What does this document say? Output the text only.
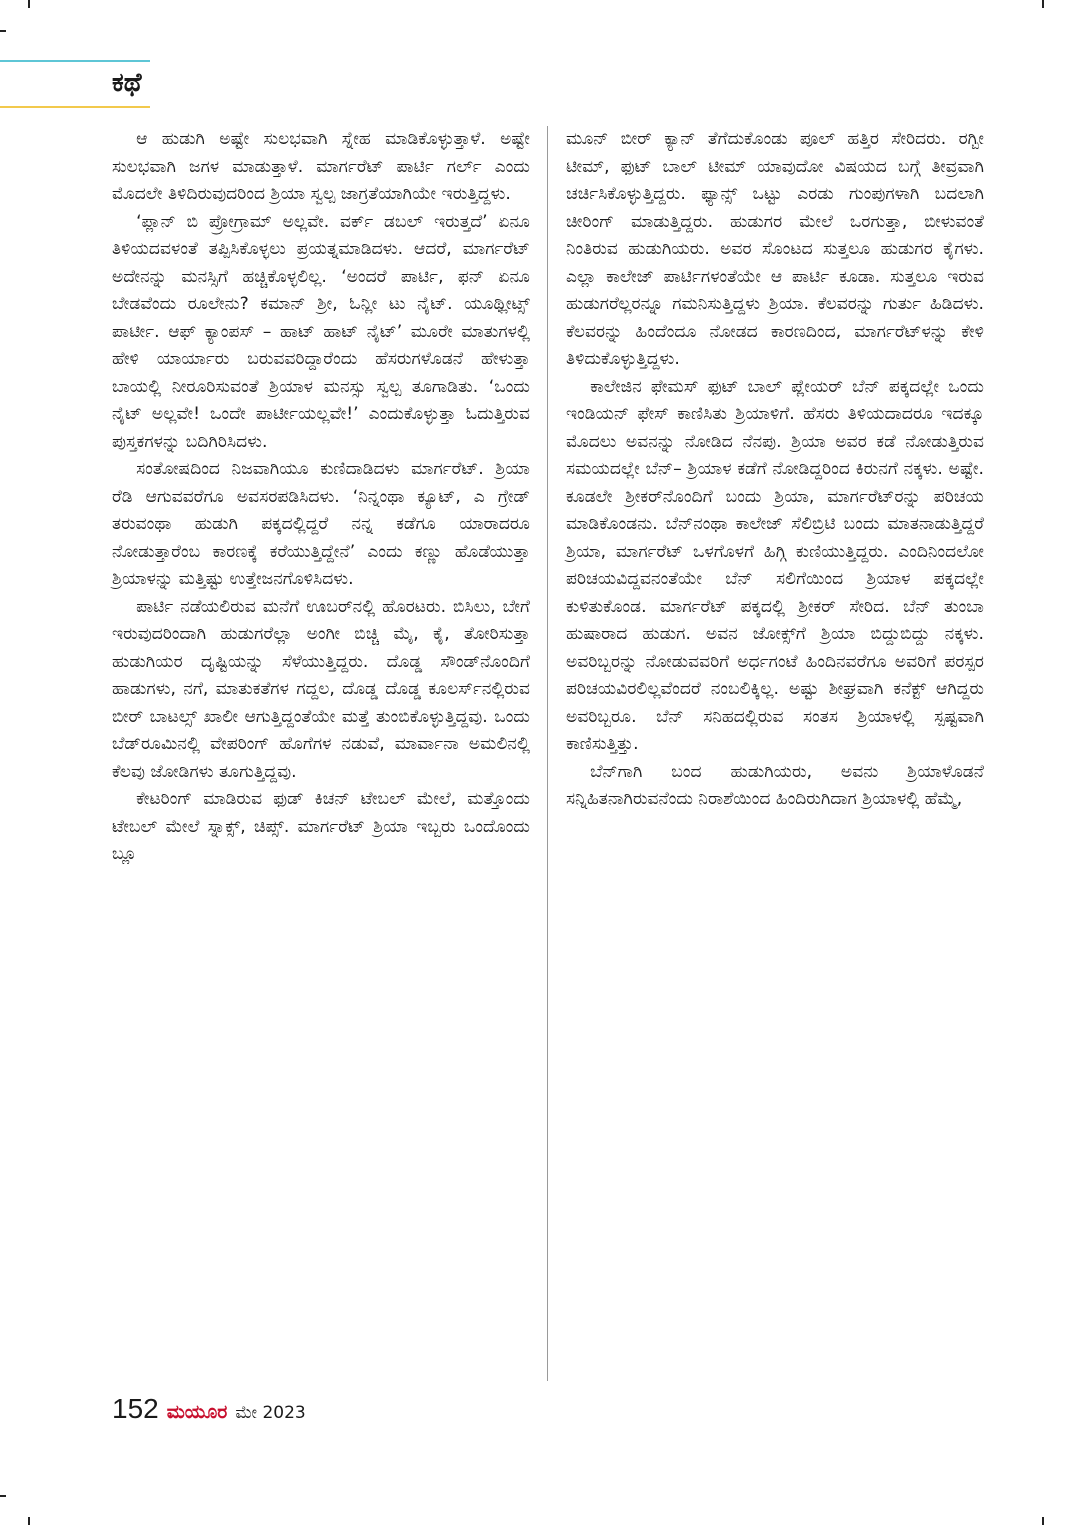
ಕಥೆ

ಆ ಹುಡುಗಿ ಅಷ್ಟೇ ಸುಲಭವಾಗಿ ಸ್ನೇಹ ಮಾಡಿಕೊಳ್ಳುತ್ತಾಳೆ. ಅಷ್ಟೇ ಸುಲಭವಾಗಿ ಜಗಳ ಮಾಡುತ್ತಾಳೆ. ಮಾರ್ಗರೆಟ್ ಪಾರ್ಟಿ ಗರ್ಲ್ ಎಂದು ಮೊದಲೇ ತಿಳಿದಿರುವುದರಿಂದ ಶ್ರಿಯಾ ಸ್ವಲ್ಪ ಜಾಗ್ರತೆಯಾಗಿಯೇ ಇರುತ್ತಿದ್ದಳು.

‘ಪ್ಲಾನ್ ಬಿ ಪ್ರೋಗ್ರಾಮ್ ಅಲ್ಲವೇ. ವರ್ಕ್ ಡಬಲ್ ಇರುತ್ತದೆ’ ಏನೂ ತಿಳಿಯದವಳಂತೆ ತಪ್ಪಿಸಿಕೊಳ್ಳಲು ಪ್ರಯತ್ನಮಾಡಿದಳು. ಆದರೆ, ಮಾರ್ಗರೆಟ್ ಅದೇನನ್ನು ಮನಸ್ಸಿಗೆ ಹಚ್ಚಿಕೊಳ್ಳಲಿಲ್ಲ. ‘ಅಂದರೆ ಪಾರ್ಟಿ, ಫನ್ ಏನೂ ಬೇಡವೆಂದು ರೂಲೇನು? ಕಮಾನ್ ಶ್ರೀ, ಓನ್ಲೀ ಟು ನೈಟ್. ಯೂಥ್ಲೀಟ್ಸ್ ಪಾರ್ಟೀ. ಆಫ್ ಕ್ಯಾಂಪಸ್ – ಹಾಟ್ ಹಾಟ್ ನೈಟ್’ ಮೂರೇ ಮಾತುಗಳಲ್ಲಿ ಹೇಳಿ ಯಾರ್ಯಾರು ಬರುವವರಿದ್ದಾರೆಂದು ಹೆಸರುಗಳೊಡನೆ ಹೇಳುತ್ತಾ ಬಾಯಲ್ಲಿ ನೀರೂರಿಸುವಂತೆ ಶ್ರಿಯಾಳ ಮನಸ್ಸು ಸ್ವಲ್ಪ ತೂಗಾಡಿತು. ‘ಒಂದು ನೈಟ್ ಅಲ್ಲವೇ! ಒಂದೇ ಪಾರ್ಟೀಯಲ್ಲವೇ!’ ಎಂದುಕೊಳ್ಳುತ್ತಾ ಓದುತ್ತಿರುವ ಪುಸ್ತಕಗಳನ್ನು ಬದಿಗಿರಿಸಿದಳು.

ಸಂತೋಷದಿಂದ ನಿಜವಾಗಿಯೂ ಕುಣಿದಾಡಿದಳು ಮಾರ್ಗರೆಟ್. ಶ್ರಿಯಾ ರೆಡಿ ಆಗುವವರೆಗೂ ಅವಸರಪಡಿಸಿದಳು. ‘ನಿನ್ನಂಥಾ ಕ್ಯೂಟ್, ಎ ಗ್ರೇಡ್ ತರುವಂಥಾ ಹುಡುಗಿ ಪಕ್ಕದಲ್ಲಿದ್ದರೆ ನನ್ನ ಕಡೆಗೂ ಯಾರಾದರೂ ನೋಡುತ್ತಾರೆಂಬ ಕಾರಣಕ್ಕೆ ಕರೆಯುತ್ತಿದ್ದೇನೆ’ ಎಂದು ಕಣ್ಣು ಹೊಡೆಯುತ್ತಾ ಶ್ರಿಯಾಳನ್ನು ಮತ್ತಿಷ್ಟು ಉತ್ತೇಜನಗೊಳಿಸಿದಳು.

ಪಾರ್ಟಿ ನಡೆಯಲಿರುವ ಮನೆಗೆ ಊಬರ್‌ನಲ್ಲಿ ಹೊರಟರು. ಬಿಸಿಲು, ಬೇಗೆ ಇರುವುದರಿಂದಾಗಿ ಹುಡುಗರೆಲ್ಲಾ ಅಂಗೀ ಬಿಚ್ಚಿ ಮೈ, ಕೈ, ತೋರಿಸುತ್ತಾ ಹುಡುಗಿಯರ ದೃಷ್ಟಿಯನ್ನು ಸೆಳೆಯುತ್ತಿದ್ದರು. ದೊಡ್ಡ ಸೌಂಡ್‌ನೊಂದಿಗೆ ಹಾಡುಗಳು, ನಗೆ, ಮಾತುಕತೆಗಳ ಗದ್ದಲ, ದೊಡ್ಡ ದೊಡ್ಡ ಕೂಲರ್ಸ್‌ನಲ್ಲಿರುವ ಬೀರ್ ಬಾಟಲ್ಸ್ ಖಾಲೀ ಆಗುತ್ತಿದ್ದಂತೆಯೇ ಮತ್ತೆ ತುಂಬಿಕೊಳ್ಳುತ್ತಿದ್ದವು. ಒಂದು ಬೆಡ್‌ರೂಮಿನಲ್ಲಿ ವೇಪರಿಂಗ್ ಹೊಗೆಗಳ ನಡುವೆ, ಮಾರ್ವಾನಾ ಅಮಲಿನಲ್ಲಿ ಕೆಲವು ಜೋಡಿಗಳು ತೂಗುತ್ತಿದ್ದವು.

ಕೇಟರಿಂಗ್ ಮಾಡಿರುವ ಫುಡ್ ಕಿಚನ್ ಟೇಬಲ್ ಮೇಲೆ, ಮತ್ತೊಂದು ಟೇಬಲ್ ಮೇಲೆ ಸ್ನಾಕ್ಸ್, ಚಿಪ್ಸ್. ಮಾರ್ಗರೆಟ್ ಶ್ರಿಯಾ ಇಬ್ಬರು ಒಂದೊಂದು ಬ್ಲೂ

ಮೂನ್ ಬೀರ್ ಕ್ಯಾನ್ ತೆಗೆದುಕೊಂಡು ಪೂಲ್ ಹತ್ತಿರ ಸೇರಿದರು. ರಗ್ಬೀ ಟೀಮ್, ಫುಟ್ ಬಾಲ್ ಟೀಮ್ ಯಾವುದೋ ವಿಷಯದ ಬಗ್ಗೆ ತೀವ್ರವಾಗಿ ಚರ್ಚಿಸಿಕೊಳ್ಳುತ್ತಿದ್ದರು. ಫ್ಯಾನ್ಸ್ ಒಟ್ಟು ಎರಡು ಗುಂಪುಗಳಾಗಿ ಬದಲಾಗಿ ಚೀರಿಂಗ್ ಮಾಡುತ್ತಿದ್ದರು. ಹುಡುಗರ ಮೇಲೆ ಒರಗುತ್ತಾ, ಬೀಳುವಂತೆ ನಿಂತಿರುವ ಹುಡುಗಿಯರು. ಅವರ ಸೊಂಟದ ಸುತ್ತಲೂ ಹುಡುಗರ ಕೈಗಳು. ಎಲ್ಲಾ ಕಾಲೇಜ್ ಪಾರ್ಟಿಗಳಂತೆಯೇ ಆ ಪಾರ್ಟಿ ಕೂಡಾ. ಸುತ್ತಲೂ ಇರುವ ಹುಡುಗರೆಲ್ಲರನ್ನೂ ಗಮನಿಸುತ್ತಿದ್ದಳು ಶ್ರಿಯಾ. ಕೆಲವರನ್ನು ಗುರ್ತು ಹಿಡಿದಳು. ಕೆಲವರನ್ನು ಹಿಂದೆಂದೂ ನೋಡದ ಕಾರಣದಿಂದ, ಮಾರ್ಗರೆಟ್‌ಳನ್ನು ಕೇಳಿ ತಿಳಿದುಕೊಳ್ಳುತ್ತಿದ್ದಳು.

ಕಾಲೇಜಿನ ಫೇಮಸ್ ಫುಟ್ ಬಾಲ್ ಪ್ಲೇಯರ್ ಬೆನ್ ಪಕ್ಕದಲ್ಲೇ ಒಂದು ಇಂಡಿಯನ್ ಫೇಸ್ ಕಾಣಿಸಿತು ಶ್ರಿಯಾಳಿಗೆ. ಹೆಸರು ತಿಳಿಯದಾದರೂ ಇದಕ್ಕೂ ಮೊದಲು ಅವನನ್ನು ನೋಡಿದ ನೆನಪು. ಶ್ರಿಯಾ ಅವರ ಕಡೆ ನೋಡುತ್ತಿರುವ ಸಮಯದಲ್ಲೇ ಬೆನ್– ಶ್ರಿಯಾಳ ಕಡೆಗೆ ನೋಡಿದ್ದರಿಂದ ಕಿರುನಗೆ ನಕ್ಕಳು. ಅಷ್ಟೇ. ಕೂಡಲೇ ಶ್ರೀಕರ್‌ನೊಂದಿಗೆ ಬಂದು ಶ್ರಿಯಾ, ಮಾರ್ಗರೆಟ್‌ರನ್ನು ಪರಿಚಯ ಮಾಡಿಕೊಂಡನು. ಬೆನ್‌ನಂಥಾ ಕಾಲೇಜ್ ಸೆಲಿಬ್ರಿಟಿ ಬಂದು ಮಾತನಾಡುತ್ತಿದ್ದರೆ ಶ್ರಿಯಾ, ಮಾರ್ಗರೆಟ್ ಒಳಗೊಳಗೆ ಹಿಗ್ಗಿ ಕುಣಿಯುತ್ತಿದ್ದರು. ಎಂದಿನಿಂದಲೋ ಪರಿಚಯವಿದ್ದವನಂತೆಯೇ ಬೆನ್ ಸಲಿಗೆಯಿಂದ ಶ್ರಿಯಾಳ ಪಕ್ಕದಲ್ಲೇ ಕುಳಿತುಕೊಂಡ. ಮಾರ್ಗರೆಟ್ ಪಕ್ಕದಲ್ಲಿ ಶ್ರೀಕರ್ ಸೇರಿದ. ಬೆನ್ ತುಂಬಾ ಹುಷಾರಾದ ಹುಡುಗ. ಅವನ ಜೋಕ್ಸ್‌ಗೆ ಶ್ರಿಯಾ ಬಿದ್ದುಬಿದ್ದು ನಕ್ಕಳು. ಅವರಿಬ್ಬರನ್ನು ನೋಡುವವರಿಗೆ ಅರ್ಧಗಂಟೆ ಹಿಂದಿನವರೆಗೂ ಅವರಿಗೆ ಪರಸ್ಪರ ಪರಿಚಯವಿರಲಿಲ್ಲವೆಂದರೆ ನಂಬಲಿಕ್ಕಿಲ್ಲ. ಅಷ್ಟು ಶೀಘ್ರವಾಗಿ ಕನೆಕ್ಟ್ ಆಗಿದ್ದರು ಅವರಿಬ್ಬರೂ. ಬೆನ್ ಸನಿಹದಲ್ಲಿರುವ ಸಂತಸ ಶ್ರಿಯಾಳಲ್ಲಿ ಸ್ಪಷ್ಟವಾಗಿ ಕಾಣಿಸುತ್ತಿತ್ತು.

ಬೆನ್‌ಗಾಗಿ ಬಂದ ಹುಡುಗಿಯರು, ಅವನು ಶ್ರಿಯಾಳೊಡನೆ ಸನ್ನಿಹಿತನಾಗಿರುವನೆಂದು ನಿರಾಶೆಯಿಂದ ಹಿಂದಿರುಗಿದಾಗ ಶ್ರಿಯಾಳಲ್ಲಿ ಹೆಮ್ಮೆ,

152 ಮಯೂರ ಮೇ 2023
